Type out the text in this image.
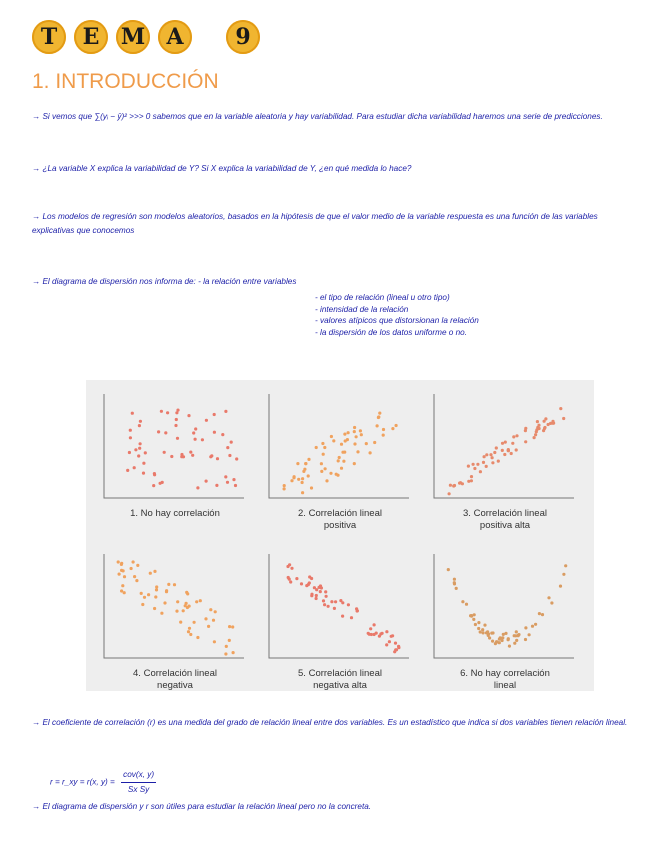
T	E M A	9
1. INTRODUCCIÓN
→ Si vemos que ∑(yᵢ − ȳ)² >>> 0 sabemos que en la variable aleatoria y hay variabilidad. Para estudiar dicha variabilidad haremos una serie de predicciones.
→ ¿La variable X explica la variabilidad de Y? Si X explica la variabilidad de Y, ¿en qué medida lo hace?
→ Los modelos de regresión son modelos aleatorios, basados en la hipótesis de que el valor medio de la variable respuesta es una función de las variables explicativas que conocemos
→ El diagrama de dispersión nos informa de: - la relación entre variables
- el tipo de relación (lineal u otro tipo)
- intensidad de la relación
- valores atípicos que distorsionan la relación
- la dispersión de los datos uniforme o no.
1. No hay correlación	2. Correlación lineal
positiva
3. Correlación lineal
positiva alta
4. Correlación lineal
negativa
5. Correlación lineal
negativa alta
6. No hay correlación
lineal
→ El coeficiente de correlación (r) es una medida del grado de relación lineal entre dos variables. Es un estadístico que indica si dos variables tienen relación lineal.
r = r_xy = r(x, $y) = \frac{\text{cov(x, y)}}{\text{Sx Sy}}$
→ El diagrama de dispersión y r son útiles para estudiar la relación lineal pero no la concreta.
